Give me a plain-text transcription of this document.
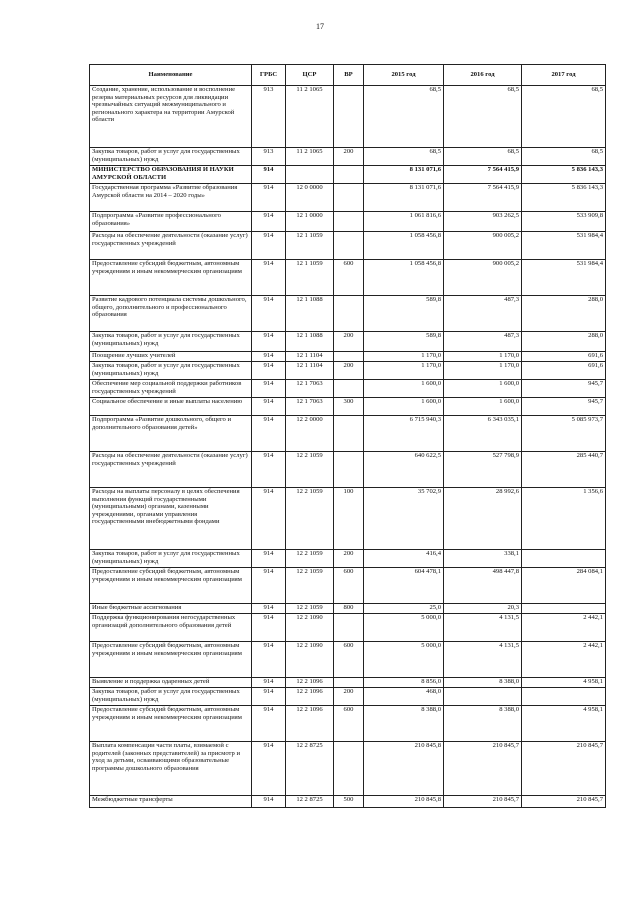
17
Наименование	ГРБС	ЦСР	ВР	2015 год	2016 год	2017 год
Создание, хранение, использование и восполнение резерва материальных ресурсов для ликвидации чрезвычайных ситуаций межмуниципального и регионального характера на территории Амурской области	913	11 2 1065		68,5	68,5	68,5
Закупка товаров, работ и услуг для государственных (муниципальных) нужд	913	11 2 1065	200	68,5	68,5	68,5
МИНИСТЕРСТВО ОБРАЗОВАНИЯ И НАУКИ АМУРСКОЙ ОБЛАСТИ	914			8 131 071,6	7 564 415,9	5 836 143,3
Государственная программа «Развитие образования Амурской области на 2014 – 2020 годы»	914	12 0 0000		8 131 071,6	7 564 415,9	5 836 143,3
Подпрограмма «Развитие профессионального образования»	914	12 1 0000		1 061 816,6	903 262,5	533 909,8
Расходы на обеспечение деятельности (оказание услуг) государственных учреждений	914	12 1 1059		1 058 456,8	900 005,2	531 984,4
Предоставление субсидий бюджетным, автономным учреждениям и иным некоммерческим организациям	914	12 1 1059	600	1 058 456,8	900 005,2	531 984,4
Развитие кадрового потенциала системы дошкольного, общего, дополнительного и профессионального образования	914	12 1 1088		589,8	487,3	288,0
Закупка товаров, работ и услуг для государственных (муниципальных) нужд	914	12 1 1088	200	589,8	487,3	288,0
Поощрение лучших учителей	914	12 1 1104		1 170,0	1 170,0	691,6
Закупка товаров, работ и услуг для государственных (муниципальных) нужд	914	12 1 1104	200	1 170,0	1 170,0	691,6
Обеспечение мер социальной поддержки работников государственных учреждений	914	12 1 7063		1 600,0	1 600,0	945,7
Социальное обеспечение и иные выплаты населению	914	12 1 7063	300	1 600,0	1 600,0	945,7
Подпрограмма «Развитие дошкольного, общего и дополнительного образования детей»	914	12 2 0000		6 715 940,3	6 343 035,1	5 085 973,7
Расходы на обеспечение деятельности (оказание услуг) государственных учреждений	914	12 2 1059		640 622,5	527 798,9	285 440,7
Расходы на выплаты персоналу в целях обеспечения выполнения функций государственными (муниципальными) органами, казенными учреждениями, органами управления государственными внебюджетными фондами	914	12 2 1059	100	35 702,9	28 992,6	1 356,6
Закупка товаров, работ и услуг для государственных (муниципальных) нужд	914	12 2 1059	200	416,4	338,1	
Предоставление субсидий бюджетным, автономным учреждениям и иным некоммерческим организациям	914	12 2 1059	600	604 478,1	498 447,8	284 084,1
Иные бюджетные ассигнования	914	12 2 1059	800	25,0	20,3	
Поддержка функционирования негосударственных организаций дополнительного образования детей	914	12 2 1090		5 000,0	4 131,5	2 442,1
Предоставление субсидий бюджетным, автономным учреждениям и иным некоммерческим организациям	914	12 2 1090	600	5 000,0	4 131,5	2 442,1
Выявление и поддержка одаренных детей	914	12 2 1096		8 856,0	8 388,0	4 958,1
Закупка товаров, работ и услуг для государственных (муниципальных) нужд	914	12 2 1096	200	468,0		
Предоставление субсидий бюджетным, автономным учреждениям и иным некоммерческим организациям	914	12 2 1096	600	8 388,0	8 388,0	4 958,1
Выплата компенсации части платы, взимаемой с родителей (законных представителей) за присмотр и уход за детьми, осваивающими образовательные программы дошкольного образования	914	12 2 8725		210 845,8	210 845,7	210 845,7
Межбюджетные трансферты	914	12 2 8725	500	210 845,8	210 845,7	210 845,7
